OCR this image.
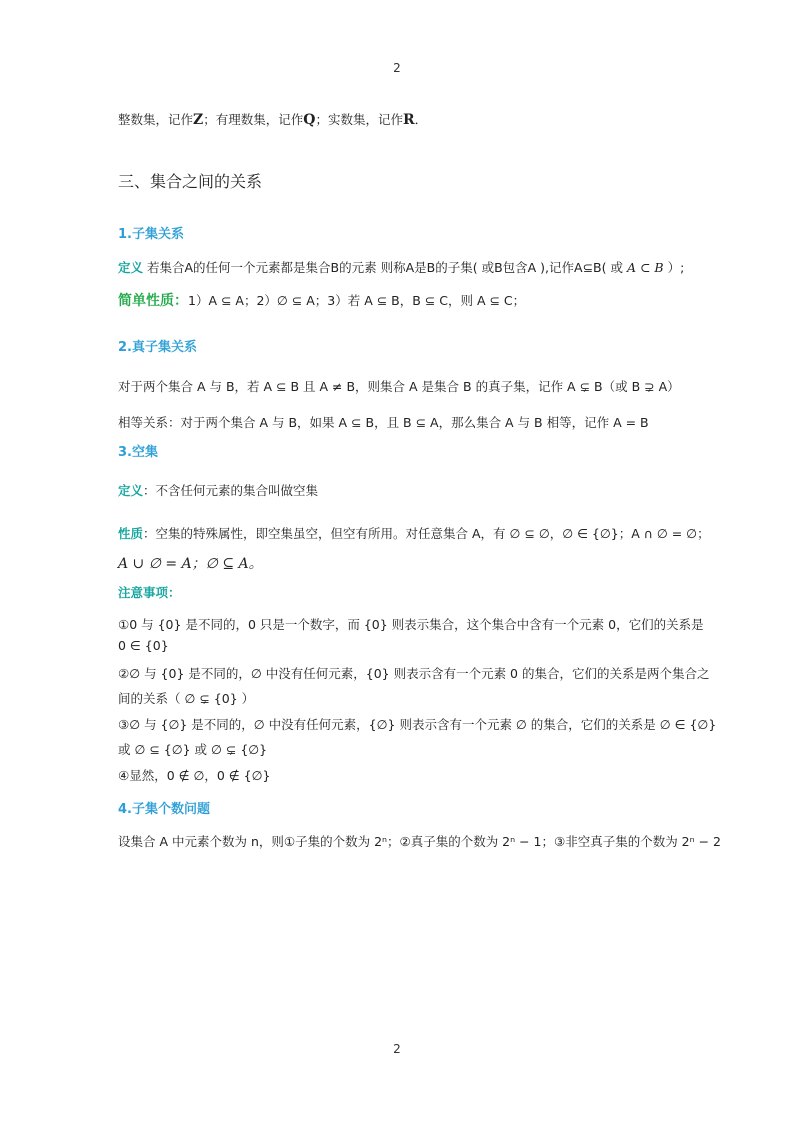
2
整数集，记作Z；有理数集，记作Q；实数集，记作R．
三、集合之间的关系
1.子集关系
定义 若集合A的任何一个元素都是集合B的元素 则称A是B的子集( 或B包含A ),记作A⊆B( 或 A ⊂ B ）;
简单性质：1）A ⊆ A；2）∅ ⊆ A；3）若 A ⊆ B，B ⊆ C，则 A ⊆ C；
2.真子集关系
对于两个集合 A 与 B，若 A ⊆ B 且 A ≠ B，则集合 A 是集合 B 的真子集，记作 A ⊊ B（或 B ⊋ A）
相等关系：对于两个集合 A 与 B，如果 A ⊆ B，且 B ⊆ A，那么集合 A 与 B 相等，记作 A = B
3.空集
定义：不含任何元素的集合叫做空集
性质：空集的特殊属性，即空集虽空，但空有所用。对任意集合 A，有 ∅ ⊆ ∅，∅ ∈ {∅}；A ∩ ∅ = ∅；
A ∪ ∅ = A；∅ ⊆ A。
注意事项：
①0 与 {0} 是不同的，0 只是一个数字，而 {0} 则表示集合，这个集合中含有一个元素 0，它们的关系是
0 ∈ {0}
②∅ 与 {0} 是不同的，∅ 中没有任何元素，{0} 则表示含有一个元素 0 的集合，它们的关系是两个集合之
间的关系（ ∅ ⊊ {0} ）
③∅ 与 {∅} 是不同的，∅ 中没有任何元素，{∅} 则表示含有一个元素 ∅ 的集合，它们的关系是 ∅ ∈ {∅}
或 ∅ ⊆ {∅} 或 ∅ ⊊ {∅}
④显然，0 ∉ ∅，0 ∉ {∅}
4.子集个数问题
设集合 A 中元素个数为 n，则①子集的个数为 2ⁿ；②真子集的个数为 2ⁿ − 1；③非空真子集的个数为 2ⁿ − 2
2
